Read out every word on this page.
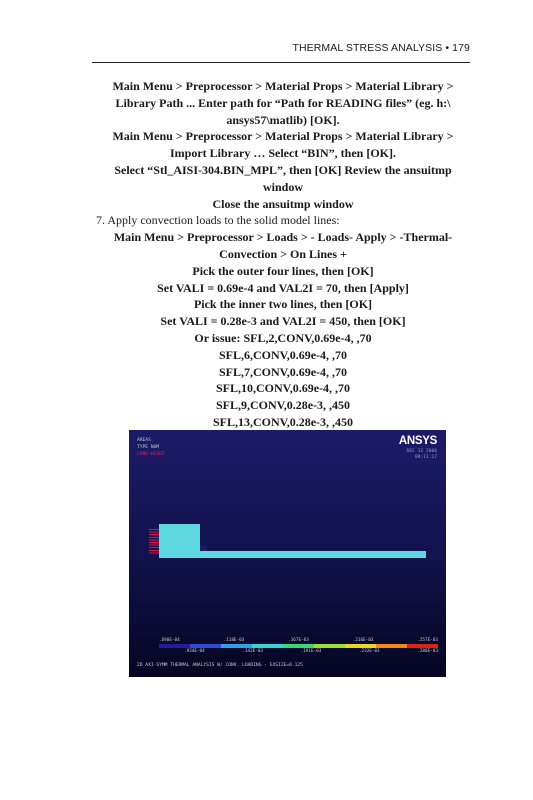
THERMAL STRESS ANALYSIS • 179

Main Menu > Preprocessor > Material Props > Material Library >

Library Path ... Enter path for “Path for READING files” (eg. h:\

ansys57\matlib) [OK].

Main Menu > Preprocessor > Material Props > Material Library >

Import Library … Select “BIN”, then [OK].

Select “Stl_AISI-304.BIN_MPL”, then [OK] Review the ansuitmp

window

Close the ansuitmp window

7. Apply convection loads to the solid model lines:

Main Menu > Preprocessor > Loads > - Loads- Apply > -Thermal-

Convection > On Lines +

Pick the outer four lines, then [OK]

Set VALI = 0.69e-4 and VAL2I = 70, then [Apply]

Pick the inner two lines, then [OK]

Set VALI = 0.28e-3 and VAL2I = 450, then [OK]

Or issue: SFL,2,CONV,0.69e-4, ,70

SFL,6,CONV,0.69e-4, ,70

SFL,7,CONV,0.69e-4, ,70

SFL,10,CONV,0.69e-4, ,70

SFL,9,CONV,0.28e-3, ,450

SFL,13,CONV,0.28e-3, ,450

AREAS
TYPE NUM
CONV-HCOEF
ANSYS
DEC 12 2000
09:11:17
.690E-04	.118E-03	.167E-03	.216E-03	.257E-03
.934E-04	.142E-03	.191E-03	.232E-03	.280E-03
2D AXI-SYMM THERMAL ANALYSIS W/ CONV. LOADING - EXSIZE=0.125
